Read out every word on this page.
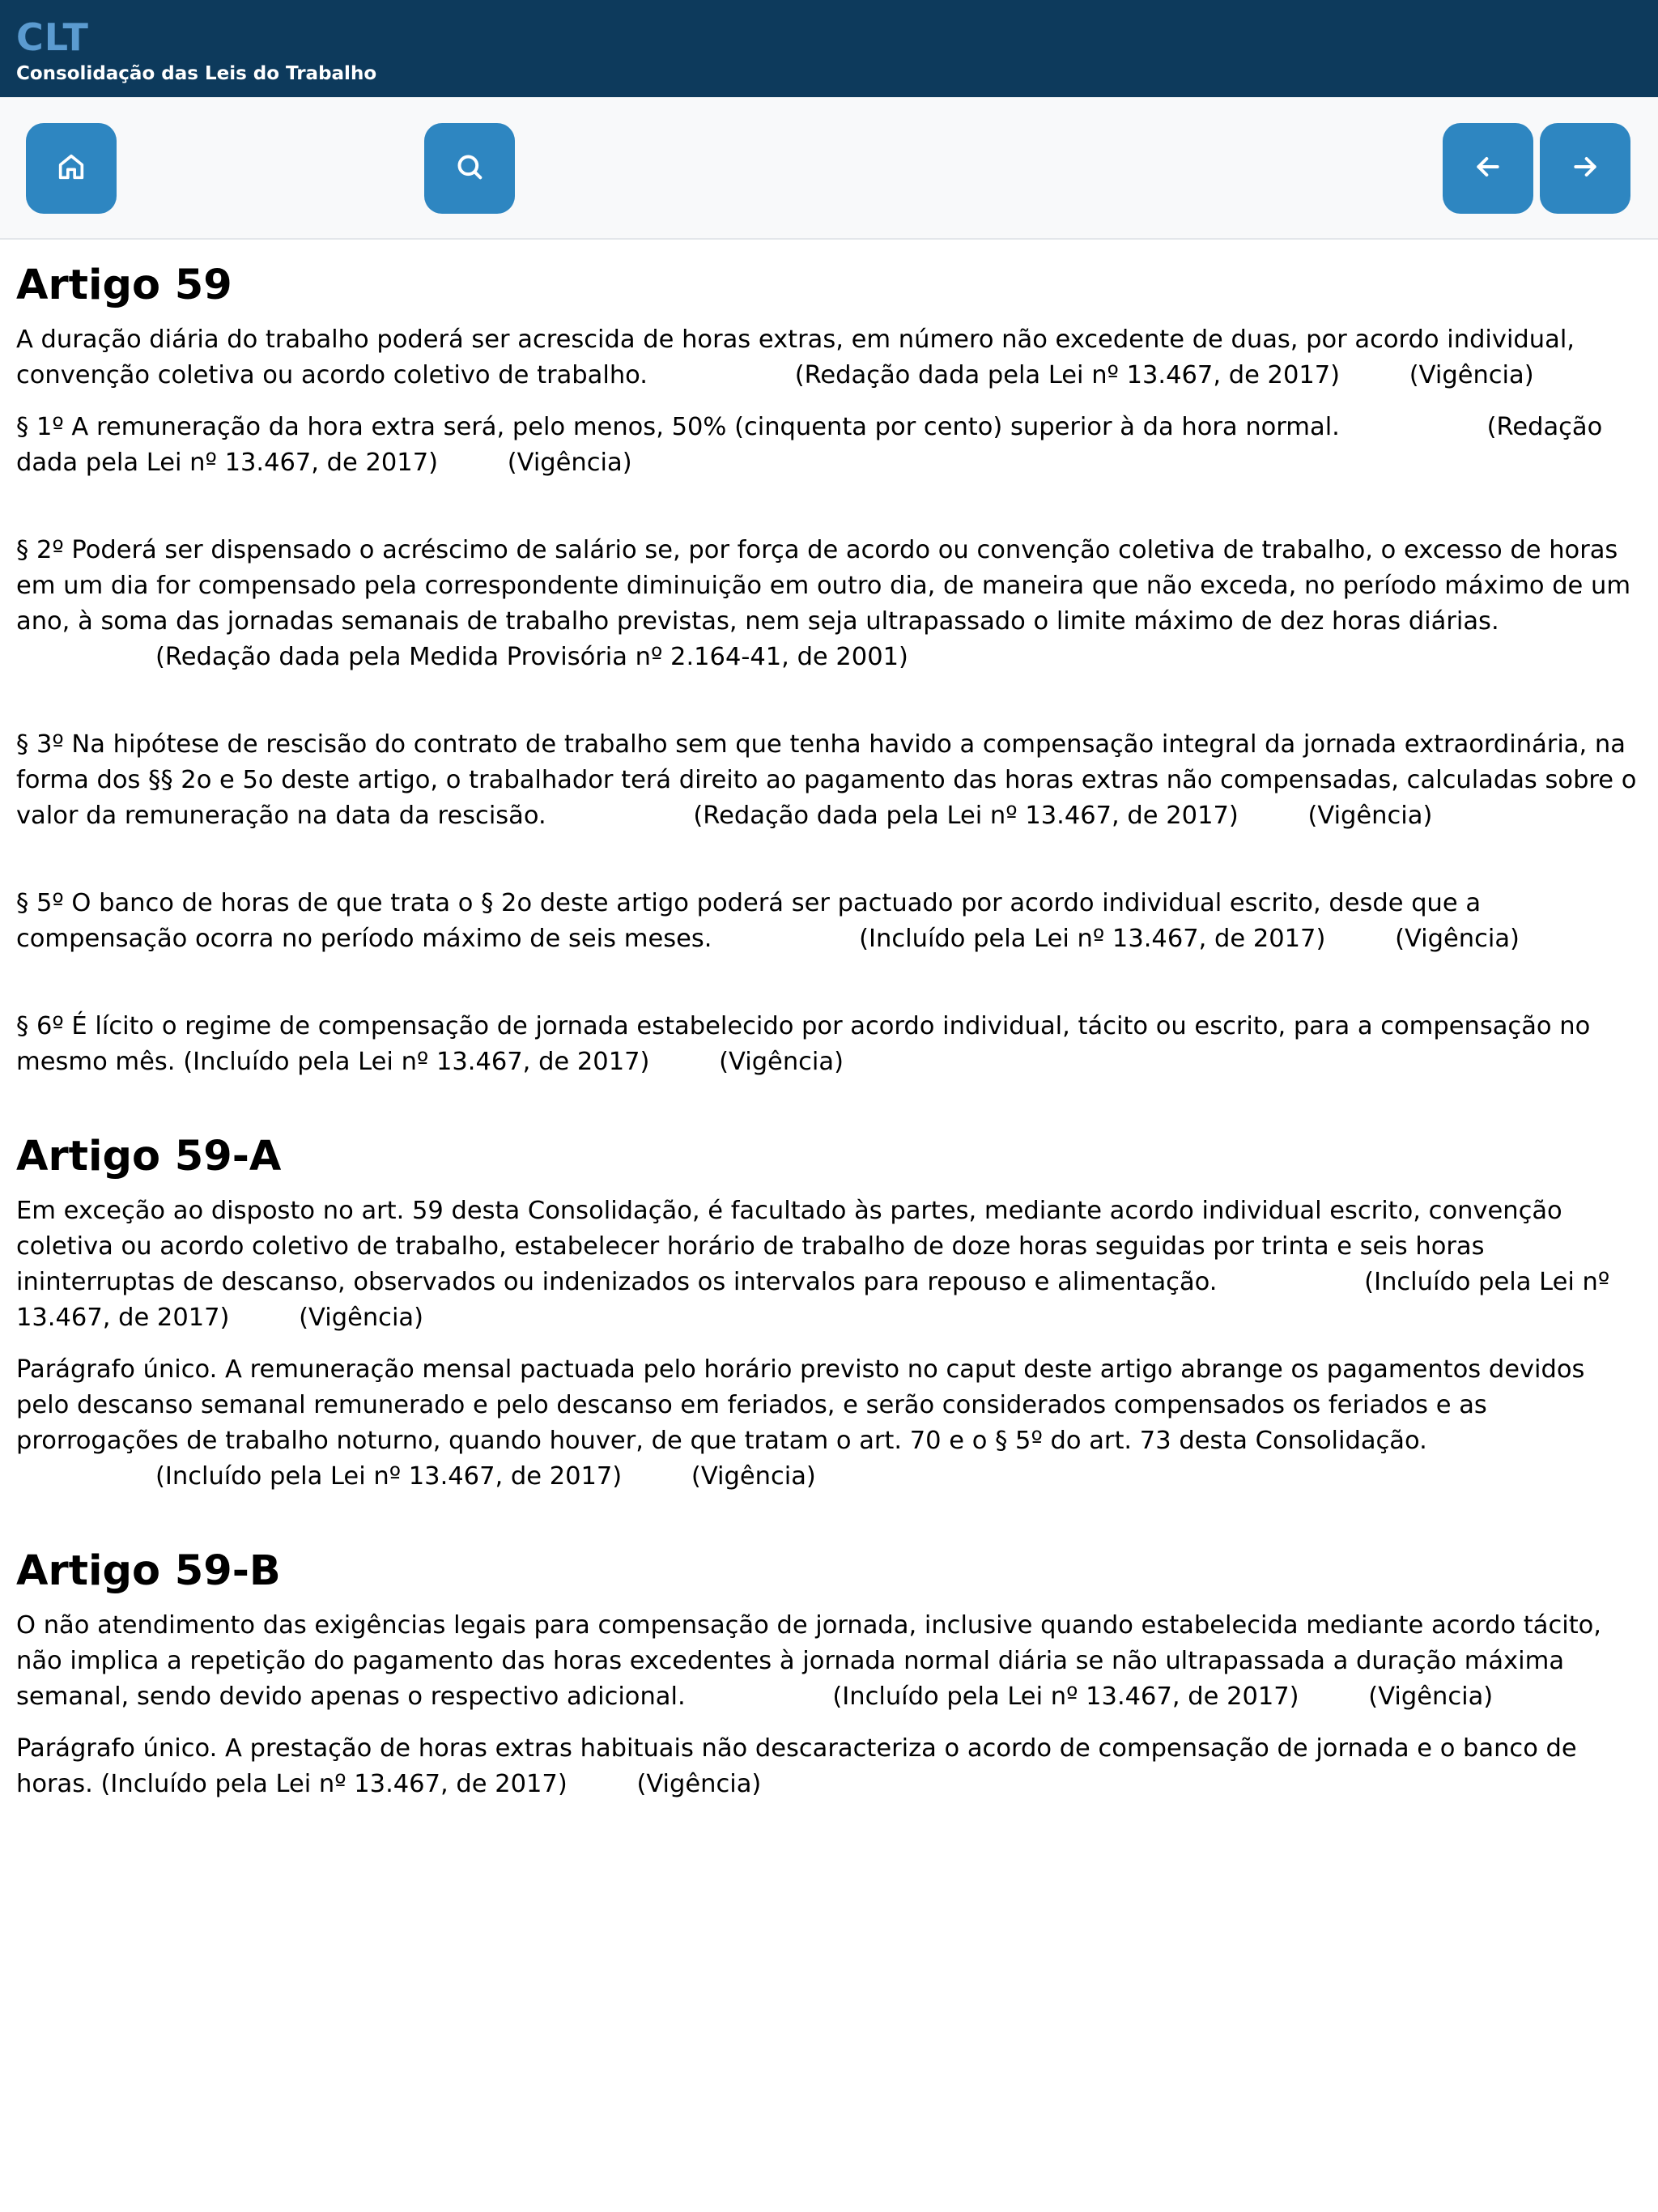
CLT
Consolidação das Leis do Trabalho
Artigo 59

A duração diária do trabalho poderá ser acrescida de horas extras, em número não excedente de duas, por acordo individual, convenção coletiva ou acordo coletivo de trabalho.	(Redação dada pela Lei nº 13.467, de 2017)	(Vigência)

§ 1º A remuneração da hora extra será, pelo menos, 50% (cinquenta por cento) superior à da hora normal.	(Redação dada pela Lei nº 13.467, de 2017)	(Vigência)

§ 2º Poderá ser dispensado o acréscimo de salário se, por força de acordo ou convenção coletiva de trabalho, o excesso de horas em um dia for compensado pela correspondente diminuição em outro dia, de maneira que não exceda, no período máximo de um ano, à soma das jornadas semanais de trabalho previstas, nem seja ultrapassado o limite máximo de dez horas diárias. (Redação dada pela Medida Provisória nº 2.164-41, de 2001)

§ 3º Na hipótese de rescisão do contrato de trabalho sem que tenha havido a compensação integral da jornada extraordinária, na forma dos §§ 2o e 5o deste artigo, o trabalhador terá direito ao pagamento das horas extras não compensadas, calculadas sobre o valor da remuneração na data da rescisão.	(Redação dada pela Lei nº 13.467, de 2017)	(Vigência)

§ 5º O banco de horas de que trata o § 2o deste artigo poderá ser pactuado por acordo individual escrito, desde que a compensação ocorra no período máximo de seis meses.	(Incluído pela Lei nº 13.467, de 2017)	(Vigência)

§ 6º É lícito o regime de compensação de jornada estabelecido por acordo individual, tácito ou escrito, para a compensação no mesmo mês. (Incluído pela Lei nº 13.467, de 2017)	(Vigência)

Artigo 59-A

Em exceção ao disposto no art. 59 desta Consolidação, é facultado às partes, mediante acordo individual escrito, convenção coletiva ou acordo coletivo de trabalho, estabelecer horário de trabalho de doze horas seguidas por trinta e seis horas ininterruptas de descanso, observados ou indenizados os intervalos para repouso e alimentação.	(Incluído pela Lei nº 13.467, de 2017)	(Vigência)

Parágrafo único. A remuneração mensal pactuada pelo horário previsto no caput deste artigo abrange os pagamentos devidos pelo descanso semanal remunerado e pelo descanso em feriados, e serão considerados compensados os feriados e as prorrogações de trabalho noturno, quando houver, de que tratam o art. 70 e o § 5º do art. 73 desta Consolidação. (Incluído pela Lei nº 13.467, de 2017)	(Vigência)

Artigo 59-B

O não atendimento das exigências legais para compensação de jornada, inclusive quando estabelecida mediante acordo tácito, não implica a repetição do pagamento das horas excedentes à jornada normal diária se não ultrapassada a duração máxima semanal, sendo devido apenas o respectivo adicional.	(Incluído pela Lei nº 13.467, de 2017)	(Vigência)

Parágrafo único. A prestação de horas extras habituais não descaracteriza o acordo de compensação de jornada e o banco de horas. (Incluído pela Lei nº 13.467, de 2017)	(Vigência)
